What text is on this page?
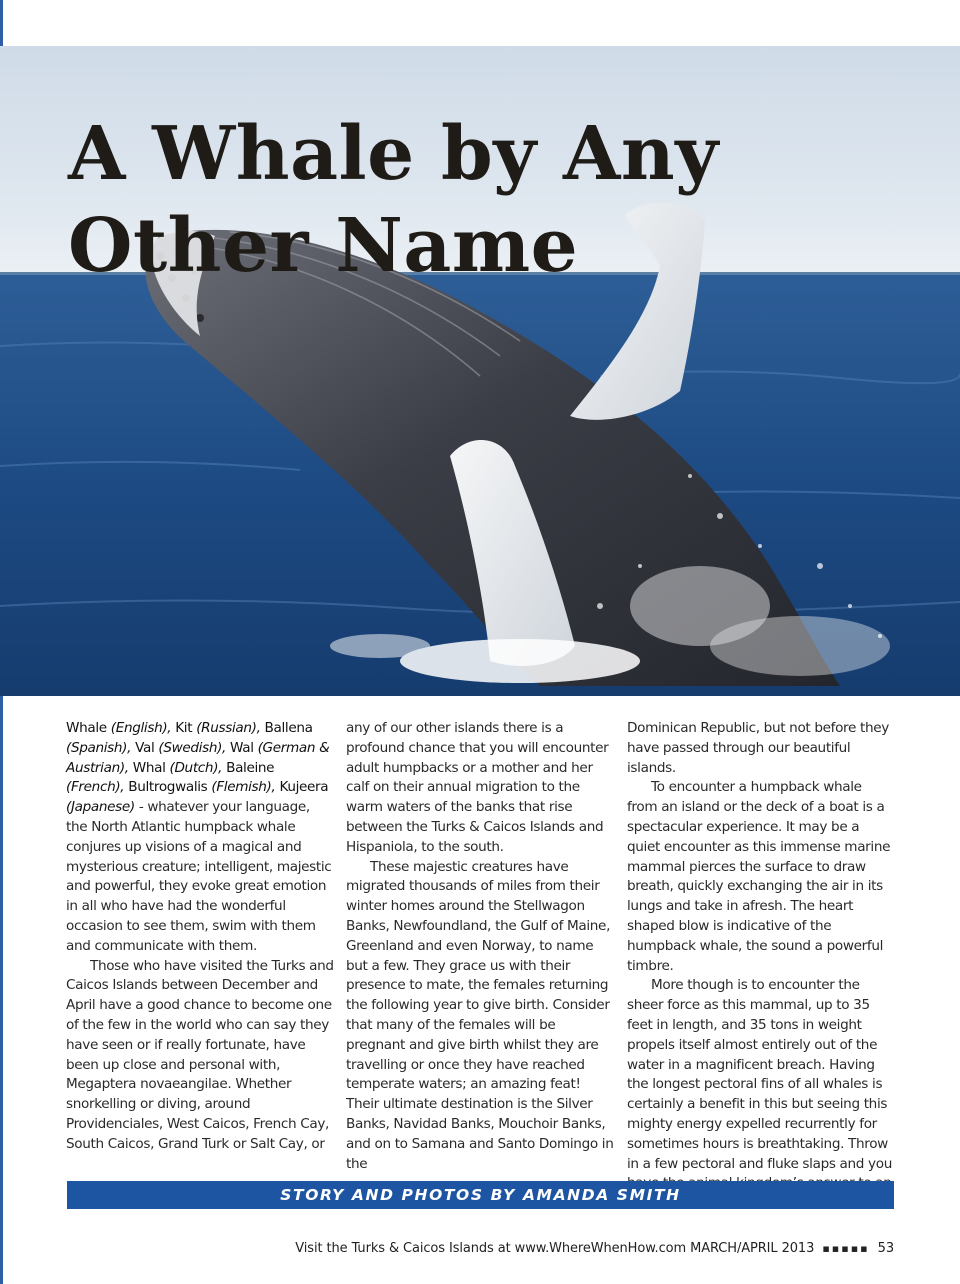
A Whale by Any
Other Name

Whale (English), Kit (Russian), Ballena (Spanish), Val (Swedish), Wal (German & Austrian), Whal (Dutch), Baleine (French), Bultrogwalis (Flemish), Kujeera (Japanese) - whatever your language, the North Atlantic humpback whale conjures up visions of a magical and mysterious creature; intelligent, majestic and powerful, they evoke great emotion in all who have had the wonderful occasion to see them, swim with them and communicate with them.

Those who have visited the Turks and Caicos Islands between December and April have a good chance to become one of the few in the world who can say they have seen or if really fortunate, have been up close and personal with, Megaptera novaeangilae. Whether snorkelling or diving, around Providenciales, West Caicos, French Cay, South Caicos, Grand Turk or Salt Cay, or

any of our other islands there is a profound chance that you will encounter adult humpbacks or a mother and her calf on their annual migration to the warm waters of the banks that rise between the Turks & Caicos Islands and Hispaniola, to the south.

These majestic creatures have migrated thousands of miles from their winter homes around the Stellwagon Banks, Newfoundland, the Gulf of Maine, Greenland and even Norway, to name but a few. They grace us with their presence to mate, the females returning the following year to give birth. Consider that many of the females will be pregnant and give birth whilst they are travelling or once they have reached temperate waters; an amazing feat! Their ultimate destination is the Silver Banks, Navidad Banks, Mouchoir Banks, and on to Samana and Santo Domingo in the

Dominican Republic, but not before they have passed through our beautiful islands.

To encounter a humpback whale from an island or the deck of a boat is a spectacular experience. It may be a quiet encounter as this immense marine mammal pierces the surface to draw breath, quickly exchanging the air in its lungs and take in afresh. The heart shaped blow is indicative of the humpback whale, the sound a powerful timbre.

More though is to encounter the sheer force as this mammal, up to 35 feet in length, and 35 tons in weight propels itself almost entirely out of the water in a magnificent breach. Having the longest pectoral fins of all whales is certainly a benefit in this but seeing this mighty energy expelled recurrently for sometimes hours is breathtaking. Throw in a few pectoral and fluke slaps and you

STORY AND PHOTOS BY AMANDA SMITH
Visit the Turks & Caicos Islands at www.WhereWhenHow.com MARCH/APRIL 2013 ▪▪▪▪▪ 53
